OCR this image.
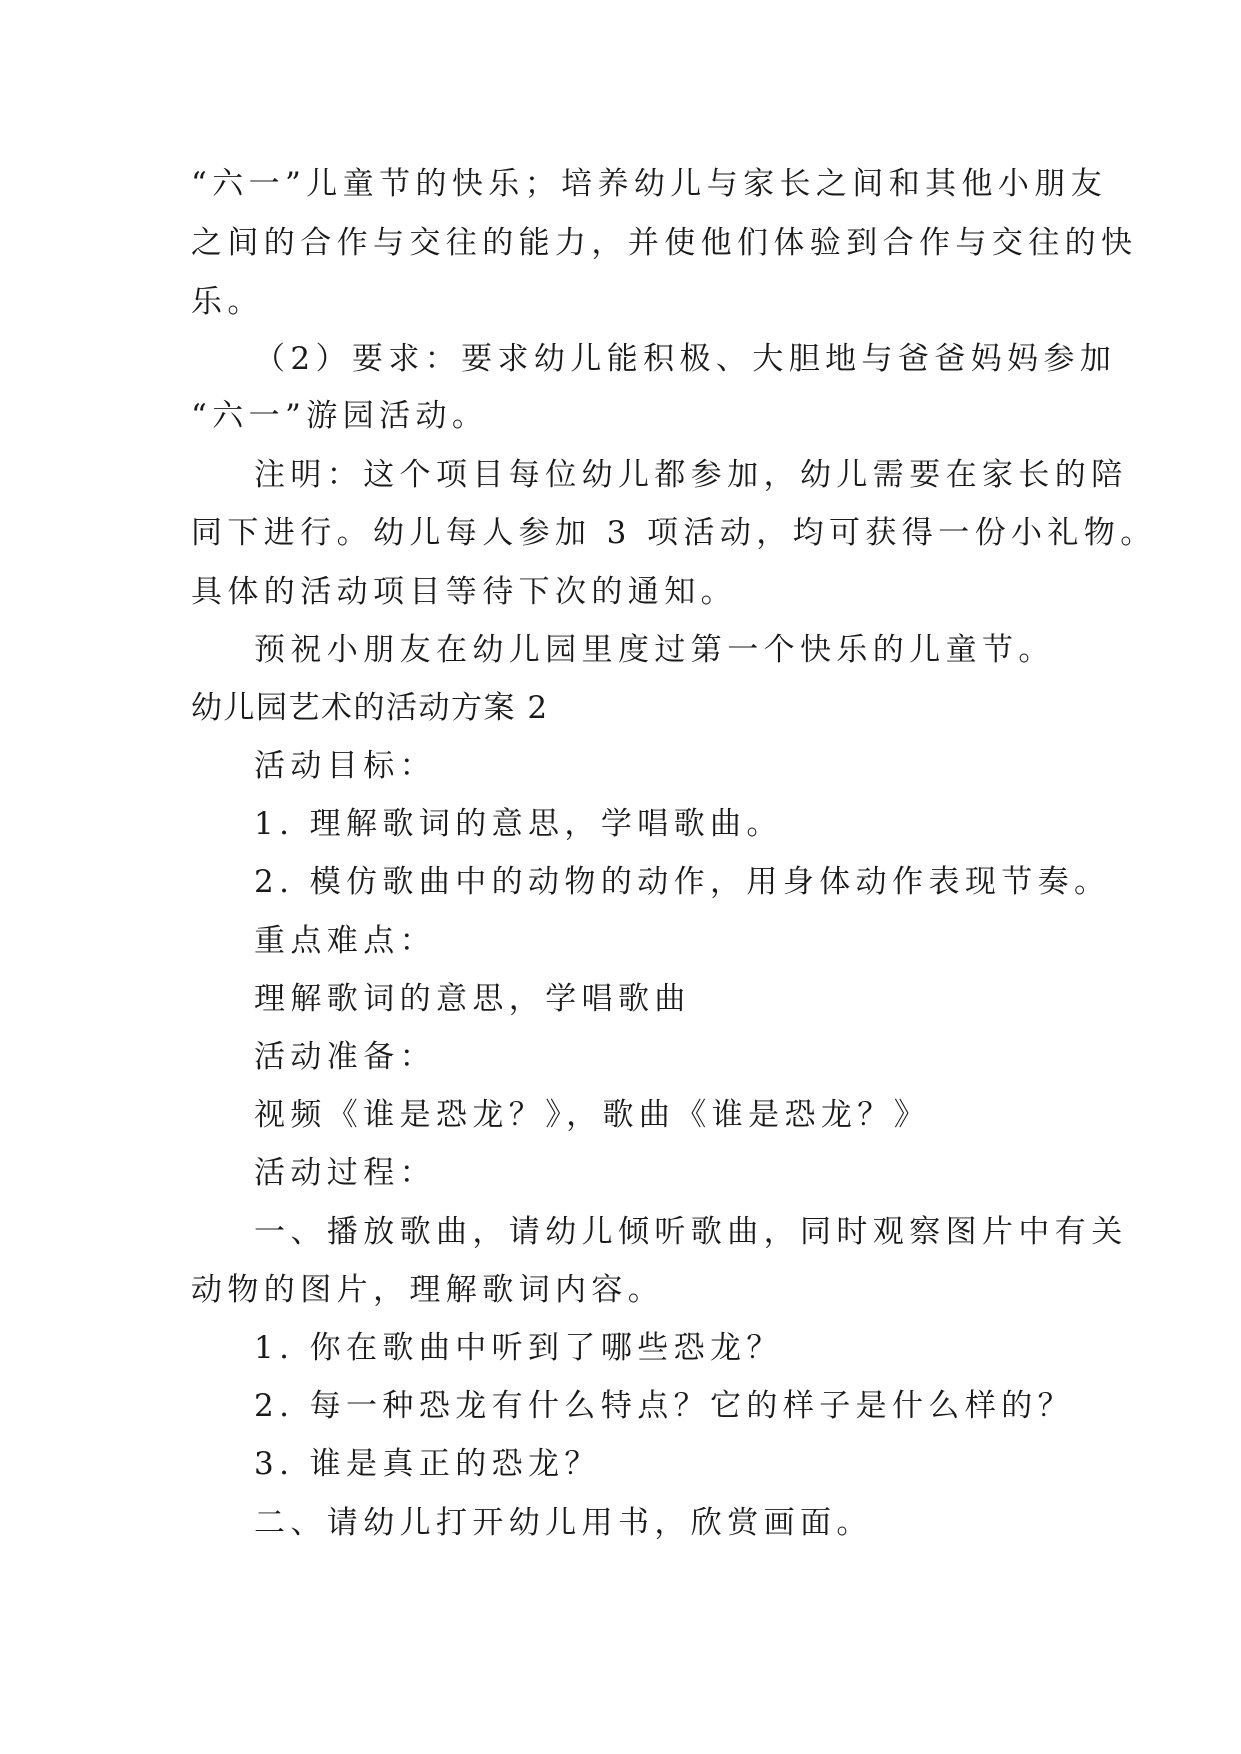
“六一”儿童节的快乐；培养幼儿与家长之间和其他小朋友
之间的合作与交往的能力，并使他们体验到合作与交往的快
乐。
（2）要求：要求幼儿能积极、大胆地与爸爸妈妈参加
“六一”游园活动。
注明：这个项目每位幼儿都参加，幼儿需要在家长的陪
同下进行。幼儿每人参加 3 项活动，均可获得一份小礼物。
具体的活动项目等待下次的通知。
预祝小朋友在幼儿园里度过第一个快乐的儿童节。
幼儿园艺术的活动方案 2
活动目标：
1. 理解歌词的意思，学唱歌曲。
2. 模仿歌曲中的动物的动作，用身体动作表现节奏。
重点难点：
理解歌词的意思，学唱歌曲
活动准备：
视频《谁是恐龙？》，歌曲《谁是恐龙？》
活动过程：
一、播放歌曲，请幼儿倾听歌曲，同时观察图片中有关
动物的图片，理解歌词内容。
1. 你在歌曲中听到了哪些恐龙？
2. 每一种恐龙有什么特点？它的样子是什么样的？
3. 谁是真正的恐龙？
二、请幼儿打开幼儿用书，欣赏画面。
